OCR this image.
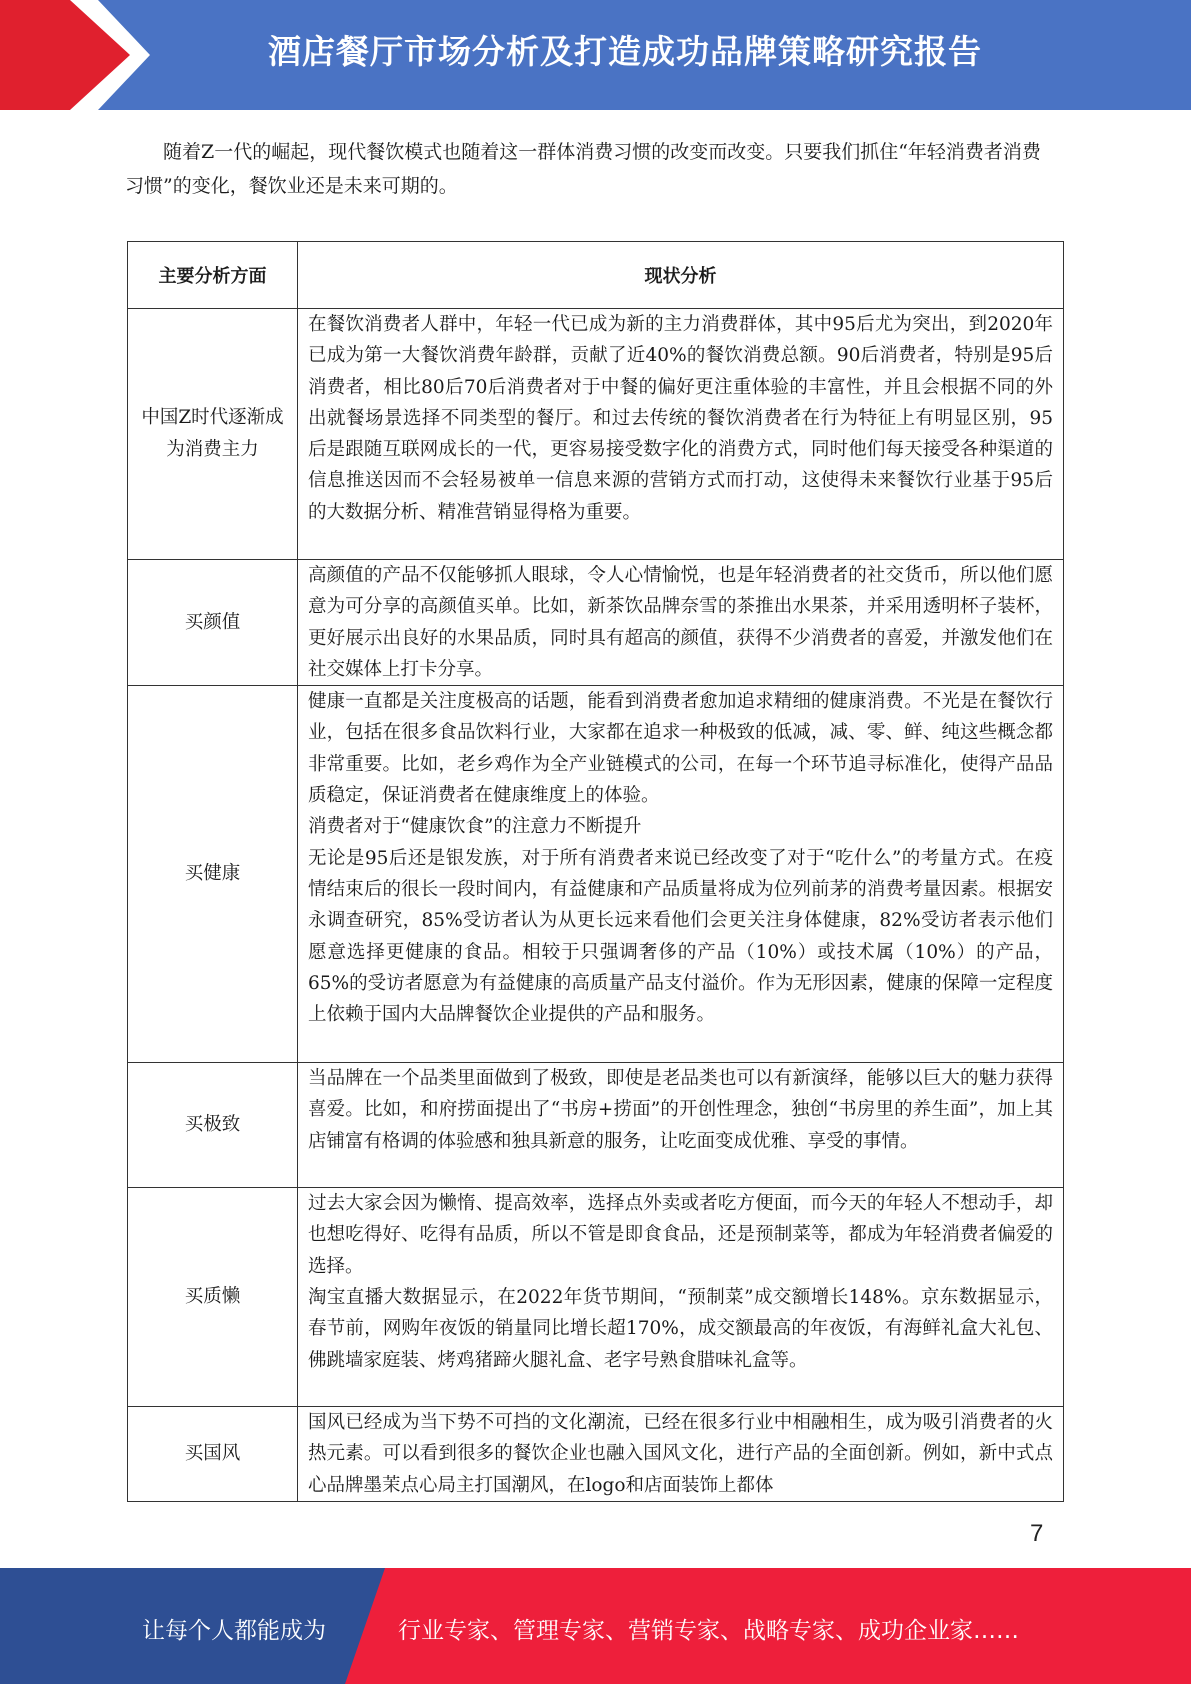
酒店餐厅市场分析及打造成功品牌策略研究报告

随着Z一代的崛起，现代餐饮模式也随着这一群体消费习惯的改变而改变。只要我们抓住“年轻消费者消费习惯”的变化，餐饮业还是未来可期的。

主要分析方面	现状分析
中国Z时代逐渐成为消费主力	在餐饮消费者人群中，年轻一代已成为新的主力消费群体，其中95后尤为突出，到2020年已成为第一大餐饮消费年龄群，贡献了近40%的餐饮消费总额。90后消费者，特别是95后消费者，相比80后70后消费者对于中餐的偏好更注重体验的丰富性，并且会根据不同的外出就餐场景选择不同类型的餐厅。和过去传统的餐饮消费者在行为特征上有明显区别，95后是跟随互联网成长的一代，更容易接受数字化的消费方式，同时他们每天接受各种渠道的信息推送因而不会轻易被单一信息来源的营销方式而打动，这使得未来餐饮行业基于95后的大数据分析、精准营销显得格为重要。

买颜值	高颜值的产品不仅能够抓人眼球，令人心情愉悦，也是年轻消费者的社交货币，所以他们愿意为可分享的高颜值买单。比如，新茶饮品牌奈雪的茶推出水果茶，并采用透明杯子装杯，更好展示出良好的水果品质，同时具有超高的颜值，获得不少消费者的喜爱，并激发他们在社交媒体上打卡分享。

买健康	健康一直都是关注度极高的话题，能看到消费者愈加追求精细的健康消费。不光是在餐饮行业，包括在很多食品饮料行业，大家都在追求一种极致的低减，减、零、鲜、纯这些概念都非常重要。比如，老乡鸡作为全产业链模式的公司，在每一个环节追寻标准化，使得产品品质稳定，保证消费者在健康维度上的体验。
消费者对于“健康饮食”的注意力不断提升
无论是95后还是银发族，对于所有消费者来说已经改变了对于“吃什么”的考量方式。在疫情结束后的很长一段时间内，有益健康和产品质量将成为位列前茅的消费考量因素。根据安永调查研究，85%受访者认为从更长远来看他们会更关注身体健康，82%受访者表示他们愿意选择更健康的食品。相较于只强调奢侈的产品（10%）或技术属（10%）的产品，65%的受访者愿意为有益健康的高质量产品支付溢价。作为无形因素，健康的保障一定程度上依赖于国内大品牌餐饮企业提供的产品和服务。

买极致	当品牌在一个品类里面做到了极致，即使是老品类也可以有新演绎，能够以巨大的魅力获得喜爱。比如，和府捞面提出了“书房+捞面”的开创性理念，独创“书房里的养生面”，加上其店铺富有格调的体验感和独具新意的服务，让吃面变成优雅、享受的事情。

买质懒	过去大家会因为懒惰、提高效率，选择点外卖或者吃方便面，而今天的年轻人不想动手，却也想吃得好、吃得有品质，所以不管是即食食品，还是预制菜等，都成为年轻消费者偏爱的选择。
淘宝直播大数据显示，在2022年货节期间，“预制菜”成交额增长148%。京东数据显示，春节前，网购年夜饭的销量同比增长超170%，成交额最高的年夜饭，有海鲜礼盒大礼包、佛跳墙家庭装、烤鸡猪蹄火腿礼盒、老字号熟食腊味礼盒等。

买国风	国风已经成为当下势不可挡的文化潮流，已经在很多行业中相融相生，成为吸引消费者的火热元素。可以看到很多的餐饮企业也融入国风文化，进行产品的全面创新。例如，新中式点心品牌墨茉点心局主打国潮风，在logo和店面装饰上都体
7
让每个人都能成为	行业专家、管理专家、营销专家、战略专家、成功企业家……
